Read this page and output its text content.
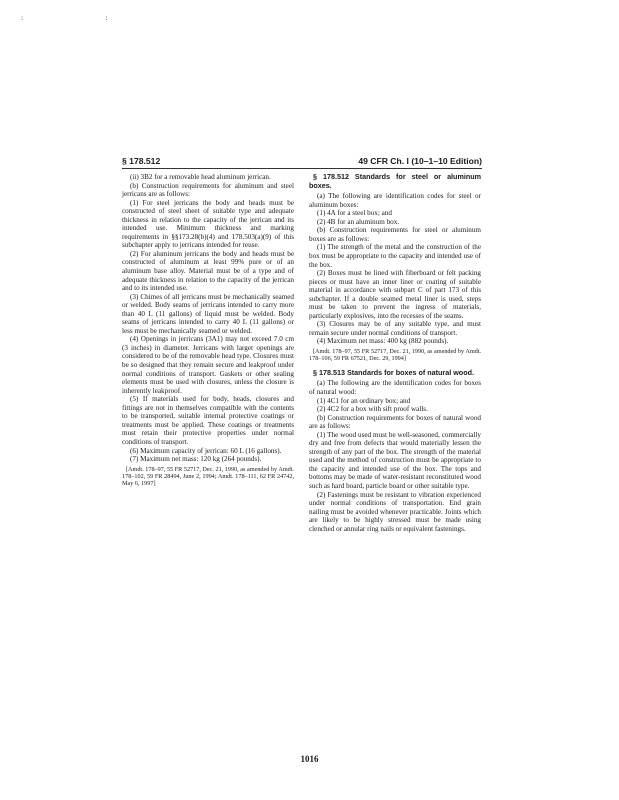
: :
§ 178.512	49 CFR Ch. I (10–1–10 Edition)

(ii) 3B2 for a removable head aluminum jerrican.

(b) Construction requirements for aluminum and steel jerricans are as follows:

(1) For steel jerricans the body and heads must be constructed of steel sheet of suitable type and adequate thickness in relation to the capacity of the jerrican and its intended use. Minimum thickness and marking requirements in §§173.28(b)(4) and 178.503(a)(9) of this subchapter apply to jerricans intended for reuse.

(2) For aluminum jerricans the body and heads must be constructed of aluminum at least 99% pure or of an aluminum base alloy. Material must be of a type and of adequate thickness in relation to the capacity of the jerrican and to its intended use.

(3) Chimes of all jerricans must be mechanically seamed or welded. Body seams of jerricans intended to carry more than 40 L (11 gallons) of liquid must be welded. Body seams of jerricans intended to carry 40 L (11 gallons) or less must be mechanically seamed or welded.

(4) Openings in jerricans (3A1) may not exceed 7.0 cm (3 inches) in diameter. Jerricans with larger openings are considered to be of the removable head type. Closures must be so designed that they remain secure and leakproof under normal conditions of transport. Gaskets or other sealing elements must be used with closures, unless the closure is inherently leakproof.

(5) If materials used for body, heads, closures and fittings are not in themselves compatible with the contents to be transported, suitable internal protective coatings or treatments must be applied. These coatings or treatments must retain their protective properties under normal conditions of transport.

(6) Maximum capacity of jerrican: 60 L (16 gallons).

(7) Maximum net mass: 120 kg (264 pounds).

[Amdt. 178–97, 55 FR 52717, Dec. 21, 1990, as amended by Amdt. 178–102, 59 FR 28494, June 2, 1994; Amdt. 178–111, 62 FR 24742, May 6, 1997]

§ 178.512 Standards for steel or aluminum boxes.

(a) The following are identification codes for steel or aluminum boxes:

(1) 4A for a steel box; and

(2) 4B for an aluminum box.

(b) Construction requirements for steel or aluminum boxes are as follows:

(1) The strength of the metal and the construction of the box must be appropriate to the capacity and intended use of the box.

(2) Boxes must be lined with fiberboard or felt packing pieces or must have an inner liner or coating of suitable material in accordance with subpart C of part 173 of this subchapter. If a double seamed metal liner is used, steps must be taken to prevent the ingress of materials, particularly explosives, into the recesses of the seams.

(3) Closures may be of any suitable type, and must remain secure under normal conditions of transport.

(4) Maximum net mass: 400 kg (882 pounds).

[Amdt. 178–97, 55 FR 52717, Dec. 21, 1990, as amended by Amdt. 178–106, 59 FR 67521, Dec. 29, 1994]

§ 178.513 Standards for boxes of natural wood.

(a) The following are the identification codes for boxes of natural wood:

(1) 4C1 for an ordinary box; and

(2) 4C2 for a box with sift proof walls.

(b) Construction requirements for boxes of natural wood are as follows:

(1) The wood used must be well-seasoned, commercially dry and free from defects that would materially lessen the strength of any part of the box. The strength of the material used and the method of construction must be appropriate to the capacity and intended use of the box. The tops and bottoms may be made of water-resistant reconstituted wood such as hard board, particle board or other suitable type.

(2) Fastenings must be resistant to vibration experienced under normal conditions of transportation. End grain nailing must be avoided whenever practicable. Joints which are likely to be highly stressed must be made using clenched or annular ring nails or equivalent fastenings.

1016
